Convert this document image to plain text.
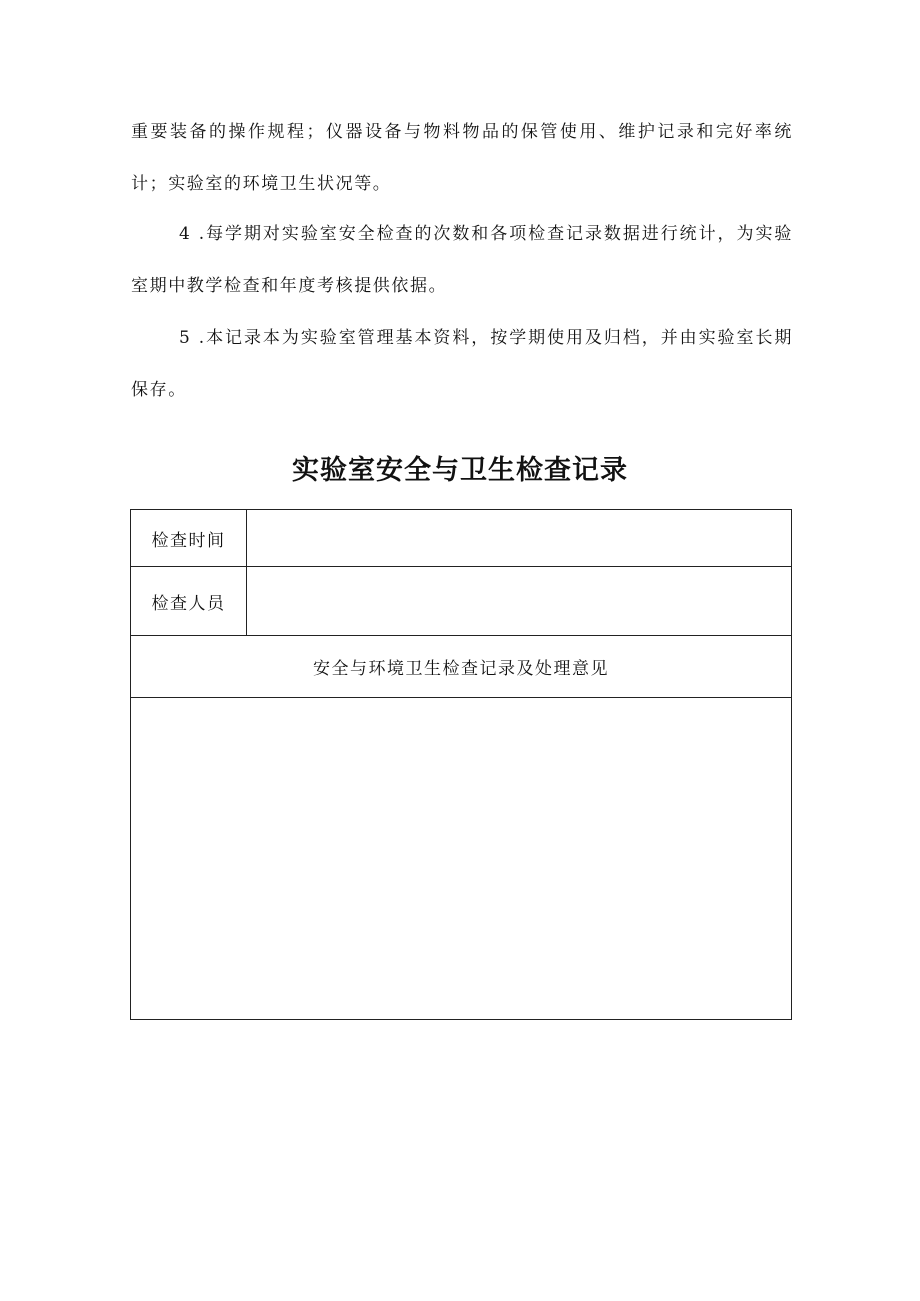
重要装备的操作规程；仪器设备与物料物品的保管使用、维护记录和完好率统计；实验室的环境卫生状况等。

4 .每学期对实验室安全检查的次数和各项检查记录数据进行统计，为实验室期中教学检查和年度考核提供依据。

5 .本记录本为实验室管理基本资料，按学期使用及归档，并由实验室长期保存。

实验室安全与卫生检查记录
检查时间	
检查人员	
安全与环境卫生检查记录及处理意见	
